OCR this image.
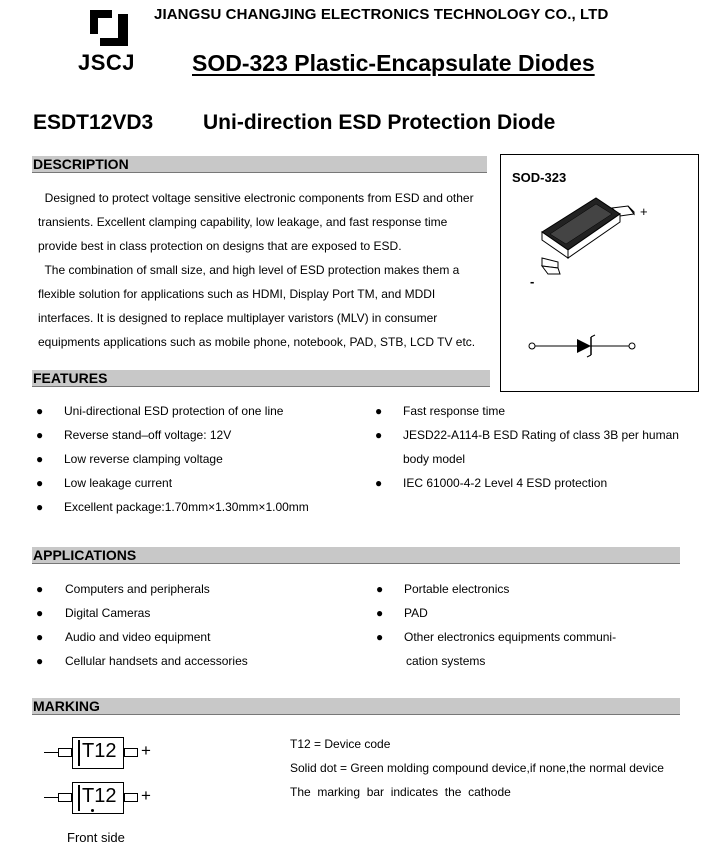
JSCJ
JIANGSU CHANGJING ELECTRONICS TECHNOLOGY CO., LTD
SOD-323 Plastic-Encapsulate Diodes
ESDT12VD3 Uni-direction ESD Protection Diode
DESCRIPTION
Designed to protect voltage sensitive electronic components from ESD and other
transients. Excellent clamping capability, low leakage, and fast response time
provide best in class protection on designs that are exposed to ESD.
The combination of small size, and high level of ESD protection makes them a
flexible solution for applications such as HDMI, Display Port TM, and MDDI
interfaces. It is designed to replace multiplayer varistors (MLV) in consumer
equipments applications such as mobile phone, notebook, PAD, STB, LCD TV etc.
SOD-323
+
-
FEATURES
● Uni-directional ESD protection of one line
● Reverse stand–off voltage: 12V
● Low reverse clamping voltage
● Low leakage current
● Excellent package:1.70mm×1.30mm×1.00mm
● Fast response time
● JESD22-A114-B ESD Rating of class 3B per human
body model
● IEC 61000-4-2 Level 4 ESD protection
APPLICATIONS
● Computers and peripherals
● Digital Cameras
● Audio and video equipment
● Cellular handsets and accessories
● Portable electronics
● PAD
● Other electronics equipments communi-
cation systems
MARKING
T12 +
T12 +
Front side
T12 = Device code
Solid dot = Green molding compound device,if none,the normal device
The  marking  bar  indicates  the  cathode
